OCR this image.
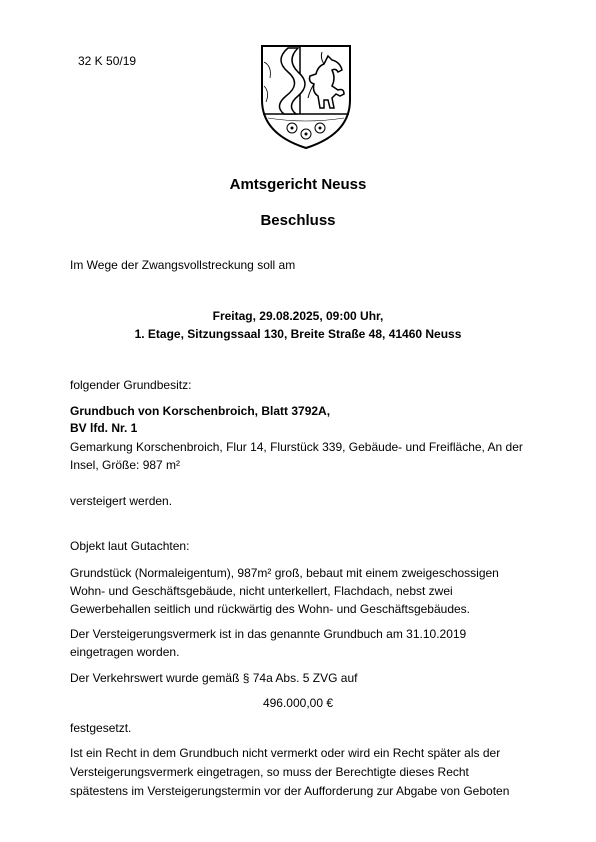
32 K 50/19
Amtsgericht Neuss
Beschluss
Im Wege der Zwangsvollstreckung soll am
Freitag, 29.08.2025, 09:00 Uhr,
1. Etage, Sitzungssaal 130, Breite Straße 48, 41460 Neuss
folgender Grundbesitz:
Grundbuch von Korschenbroich, Blatt 3792A,
BV lfd. Nr. 1
Gemarkung Korschenbroich, Flur 14, Flurstück 339, Gebäude- und Freifläche, An der
Insel, Größe: 987 m²
versteigert werden.
Objekt laut Gutachten:
Grundstück (Normaleigentum), 987m² groß, bebaut mit einem zweigeschossigen
Wohn- und Geschäftsgebäude, nicht unterkellert, Flachdach, nebst zwei
Gewerbehallen seitlich und rückwärtig des Wohn- und Geschäftsgebäudes.
Der Versteigerungsvermerk ist in das genannte Grundbuch am 31.10.2019
eingetragen worden.
Der Verkehrswert wurde gemäß § 74a Abs. 5 ZVG auf
496.000,00 €
festgesetzt.
Ist ein Recht in dem Grundbuch nicht vermerkt oder wird ein Recht später als der
Versteigerungsvermerk eingetragen, so muss der Berechtigte dieses Recht
spätestens im Versteigerungstermin vor der Aufforderung zur Abgabe von Geboten
